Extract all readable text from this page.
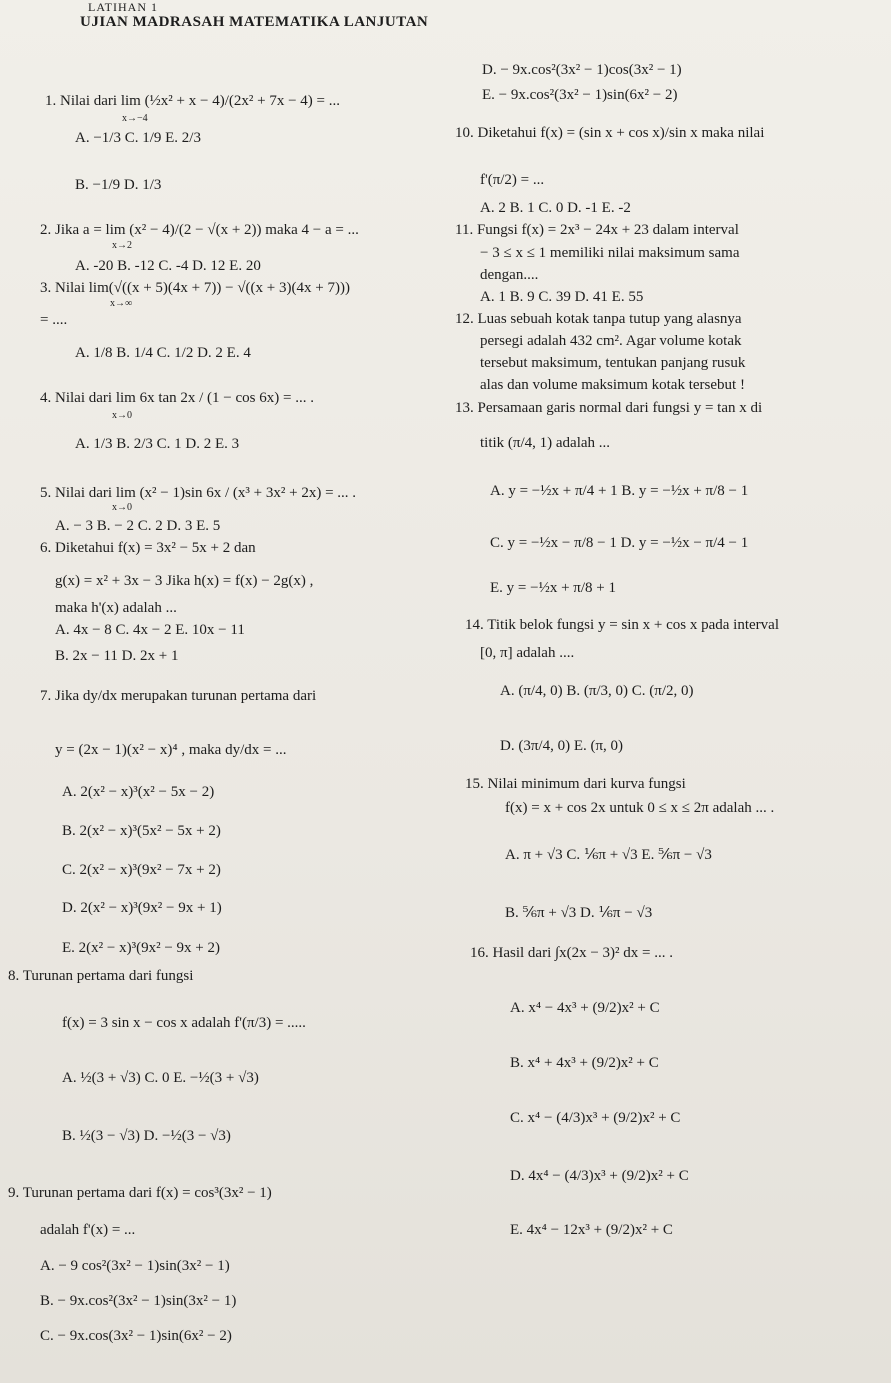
LATIHAN 1
UJIAN MADRASAH MATEMATIKA LANJUTAN
1. Nilai dari lim (½x² + x − 4)/(2x² + 7x − 4) = ...
x→−4
A. −1/3 C. 1/9 E. 2/3
B. −1/9 D. 1/3
2. Jika a = lim (x² − 4)/(2 − √(x + 2)) maka 4 − a = ...
x→2
A. -20 B. -12 C. -4 D. 12 E. 20
3. Nilai lim(√((x + 5)(4x + 7)) − √((x + 3)(4x + 7)))
x→∞
= ....
A. 1/8 B. 1/4 C. 1/2 D. 2 E. 4
4. Nilai dari lim 6x tan 2x / (1 − cos 6x) = ... .
x→0
A. 1/3 B. 2/3 C. 1 D. 2 E. 3
5. Nilai dari lim (x² − 1)sin 6x / (x³ + 3x² + 2x) = ... .
x→0
A. − 3 B. − 2 C. 2 D. 3 E. 5
6. Diketahui f(x) = 3x² − 5x + 2 dan
g(x) = x² + 3x − 3 Jika h(x) = f(x) − 2g(x) ,
maka h'(x) adalah ...
A. 4x − 8 C. 4x − 2 E. 10x − 11
B. 2x − 11 D. 2x + 1
7. Jika dy/dx merupakan turunan pertama dari
y = (2x − 1)(x² − x)⁴ , maka dy/dx = ...
A. 2(x² − x)³(x² − 5x − 2)
B. 2(x² − x)³(5x² − 5x + 2)
C. 2(x² − x)³(9x² − 7x + 2)
D. 2(x² − x)³(9x² − 9x + 1)
E. 2(x² − x)³(9x² − 9x + 2)
8. Turunan pertama dari fungsi
f(x) = 3 sin x − cos x adalah f'(π/3) = .....
A. ½(3 + √3) C. 0 E. −½(3 + √3)
B. ½(3 − √3) D. −½(3 − √3)
9. Turunan pertama dari f(x) = cos³(3x² − 1)
adalah f'(x) = ...
A. − 9 cos²(3x² − 1)sin(3x² − 1)
B. − 9x.cos²(3x² − 1)sin(3x² − 1)
C. − 9x.cos(3x² − 1)sin(6x² − 2)
D. − 9x.cos²(3x² − 1)cos(3x² − 1)
E. − 9x.cos²(3x² − 1)sin(6x² − 2)
10. Diketahui f(x) = (sin x + cos x)/sin x maka nilai
f'(π/2) = ...
A. 2 B. 1 C. 0 D. -1 E. -2
11. Fungsi f(x) = 2x³ − 24x + 23 dalam interval
− 3 ≤ x ≤ 1 memiliki nilai maksimum sama
dengan....
A. 1 B. 9 C. 39 D. 41 E. 55
12. Luas sebuah kotak tanpa tutup yang alasnya
persegi adalah 432 cm². Agar volume kotak
tersebut maksimum, tentukan panjang rusuk
alas dan volume maksimum kotak tersebut !
13. Persamaan garis normal dari fungsi y = tan x di
titik (π/4, 1) adalah ...
A. y = −½x + π/4 + 1 B. y = −½x + π/8 − 1
C. y = −½x − π/8 − 1 D. y = −½x − π/4 − 1
E. y = −½x + π/8 + 1
14. Titik belok fungsi y = sin x + cos x pada interval
[0, π] adalah ....
A. (π/4, 0) B. (π/3, 0) C. (π/2, 0)
D. (3π/4, 0) E. (π, 0)
15. Nilai minimum dari kurva fungsi
f(x) = x + cos 2x untuk 0 ≤ x ≤ 2π adalah ... .
A. π + √3 C. ⅙π + √3 E. ⅚π − √3
B. ⅚π + √3 D. ⅙π − √3
16. Hasil dari ∫x(2x − 3)² dx = ... .
A. x⁴ − 4x³ + (9/2)x² + C
B. x⁴ + 4x³ + (9/2)x² + C
C. x⁴ − (4/3)x³ + (9/2)x² + C
D. 4x⁴ − (4/3)x³ + (9/2)x² + C
E. 4x⁴ − 12x³ + (9/2)x² + C
